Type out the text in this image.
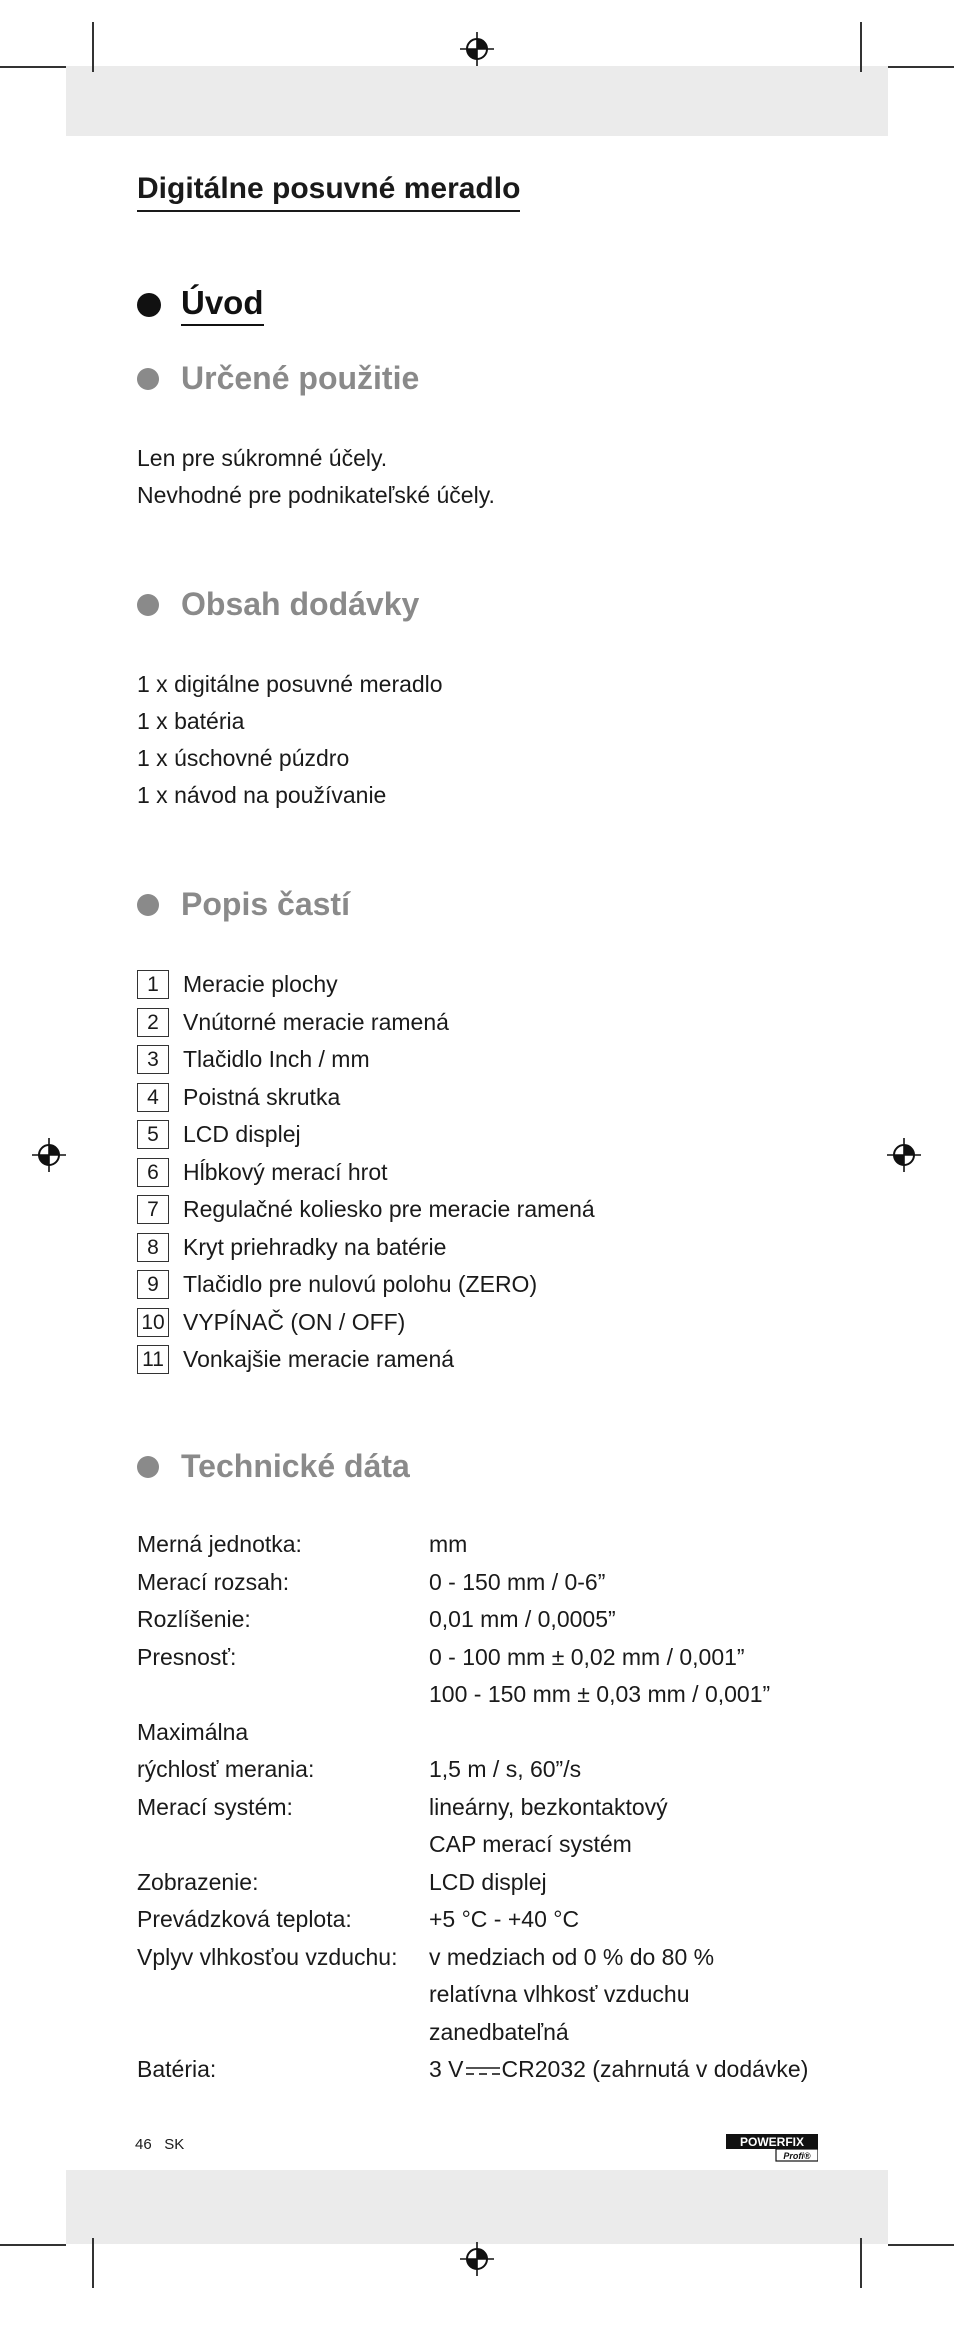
Digitálne posuvné meradlo
Úvod
Určené použitie
Len pre súkromné účely.
Nevhodné pre podnikateľské účely.
Obsah dodávky
1 x digitálne posuvné meradlo
1 x batéria
1 x úschovné púzdro
1 x návod na používanie
Popis častí
1	Meracie plochy
2	Vnútorné meracie ramená
3	Tlačidlo Inch / mm
4	Poistná skrutka
5	LCD displej
6	Hĺbkový merací hrot
7	Regulačné koliesko pre meracie ramená
8	Kryt priehradky na batérie
9	Tlačidlo pre nulovú polohu (ZERO)
10 VYPÍNAČ (ON / OFF)
11 Vonkajšie meracie ramená
Technické dáta
Merná jednotka:	mm
Merací rozsah:	0 - 150 mm / 0-6”
Rozlíšenie:	0,01 mm / 0,0005”
Presnosť:	0 - 100 mm ± 0,02 mm / 0,001”
100 - 150 mm ± 0,03 mm / 0,001”
Maximálna
rýchlosť merania:	1,5 m / s, 60”/s
Merací systém:	lineárny, bezkontaktový
CAP merací systém
Zobrazenie:	LCD displej
Prevádzková teplota:	+5 °C - +40 °C
Vplyv vlhkosťou vzduchu:	v medziach od 0 % do 80 %
relatívna vlhkosť vzduchu
zanedbateľná
Batéria:	3 V CR2032 (zahrnutá v dodávke)
46 SK	POWERFIX
Profi®
